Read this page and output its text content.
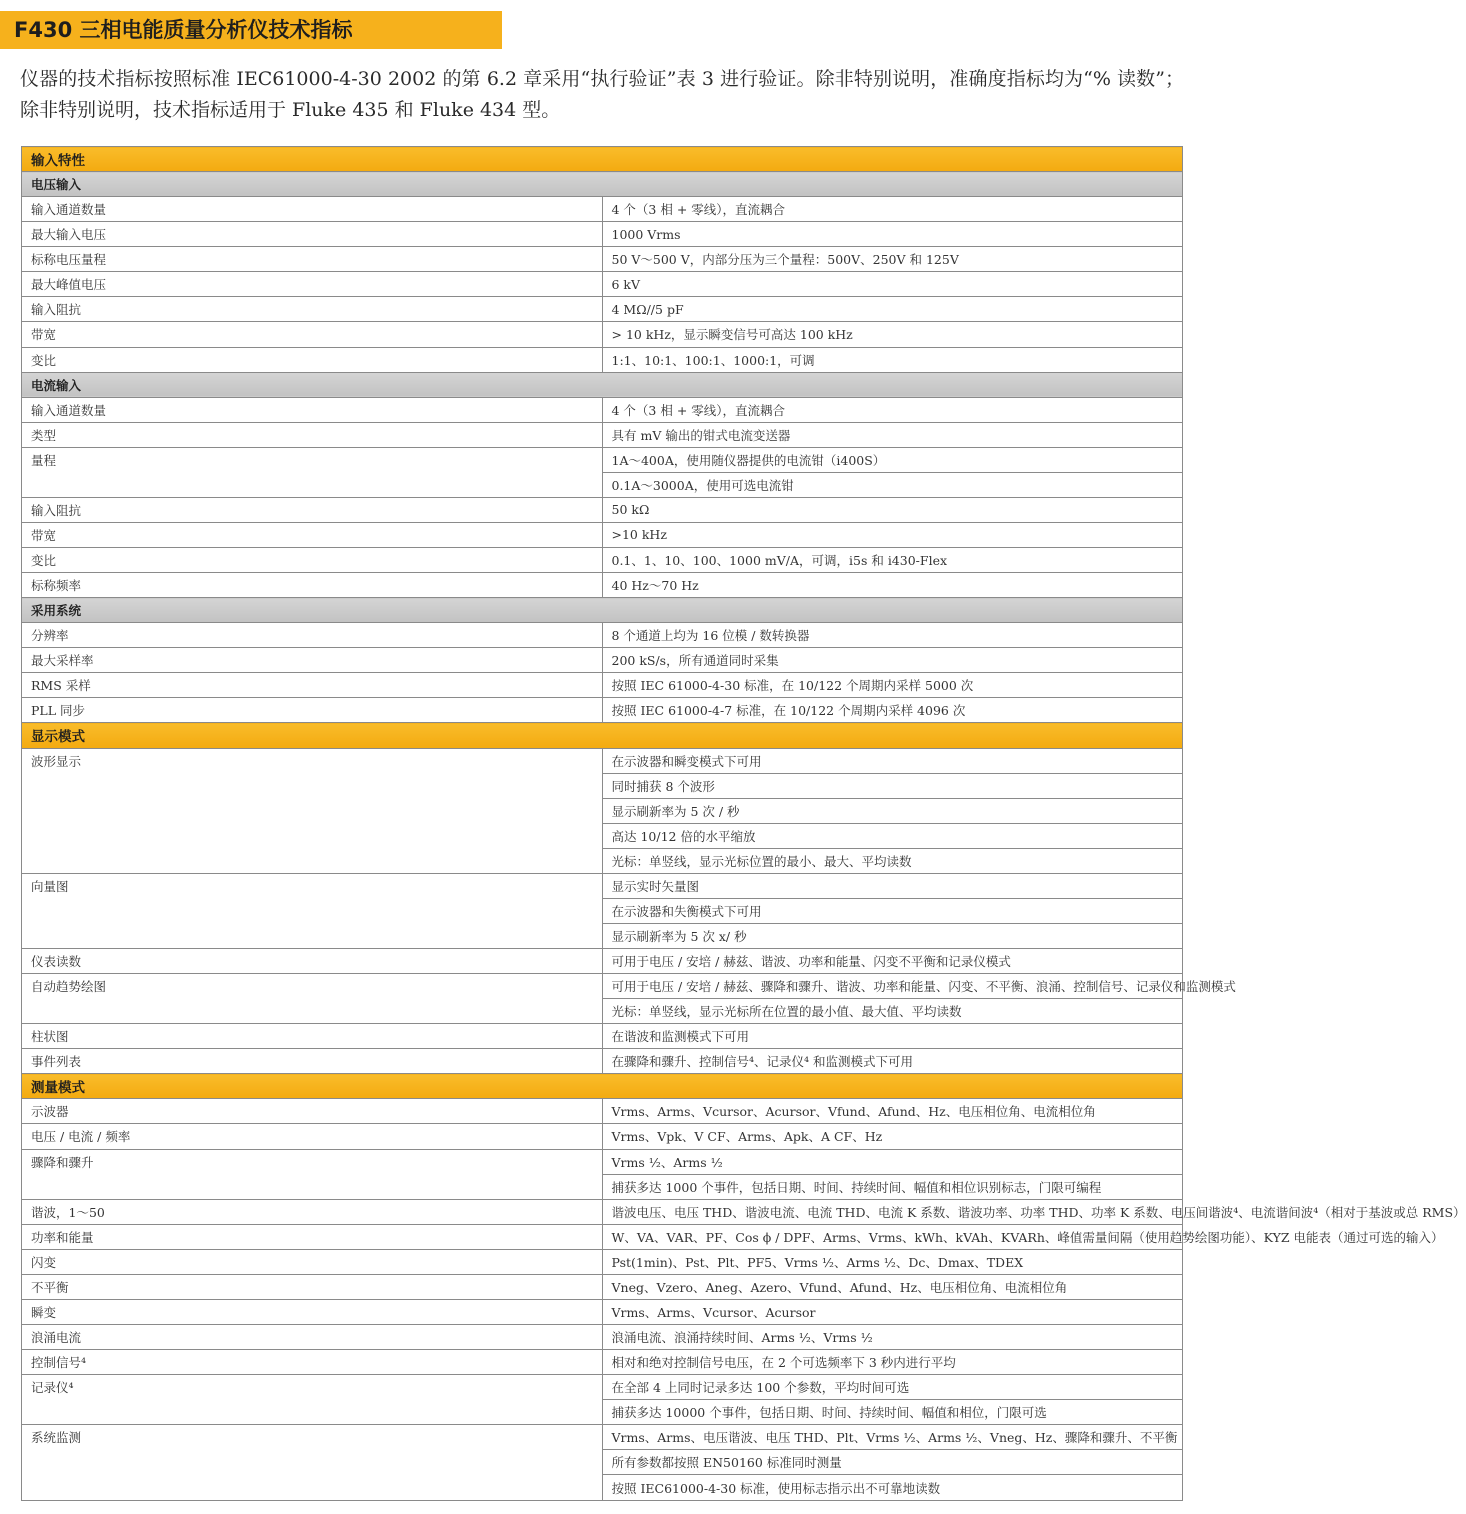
F430 三相电能质量分析仪技术指标
仪器的技术指标按照标准 IEC61000-4-30 2002 的第 6.2 章采用“执行验证”表 3 进行验证。除非特别说明，准确度指标均为“% 读数”；除非特别说明，技术指标适用于 Fluke 435 和 Fluke 434 型。
输入特性	
电压输入	
输入通道数量	4 个（3 相 + 零线），直流耦合
最大输入电压	1000 Vrms
标称电压量程	50 V～500 V，内部分压为三个量程：500V、250V 和 125V
最大峰值电压	6 kV
输入阻抗	4 MΩ//5 pF
带宽	> 10 kHz，显示瞬变信号可高达 100 kHz
变比	1:1、10:1、100:1、1000:1，可调
电流输入	
输入通道数量	4 个（3 相 + 零线），直流耦合
类型	具有 mV 输出的钳式电流变送器
量程	1A～400A，使用随仪器提供的电流钳（i400S）
	0.1A～3000A，使用可选电流钳
输入阻抗	50 kΩ
带宽	>10 kHz
变比	0.1、1、10、100、1000 mV/A，可调，i5s 和 i430-Flex
标称频率	40 Hz～70 Hz
采用系统	
分辨率	8 个通道上均为 16 位模 / 数转换器
最大采样率	200 kS/s，所有通道同时采集
RMS 采样	按照 IEC 61000-4-30 标准，在 10/122 个周期内采样 5000 次
PLL 同步	按照 IEC 61000-4-7 标准，在 10/122 个周期内采样 4096 次
显示模式	
波形显示	在示波器和瞬变模式下可用
	同时捕获 8 个波形
	显示刷新率为 5 次 / 秒
	高达 10/12 倍的水平缩放
	光标：单竖线，显示光标位置的最小、最大、平均读数
向量图	显示实时矢量图
	在示波器和失衡模式下可用
	显示刷新率为 5 次 x/ 秒
仪表读数	可用于电压 / 安培 / 赫兹、谐波、功率和能量、闪变不平衡和记录仪模式
自动趋势绘图	可用于电压 / 安培 / 赫兹、骤降和骤升、谐波、功率和能量、闪变、不平衡、浪涌、控制信号、记录仪和监测模式
	光标：单竖线，显示光标所在位置的最小值、最大值、平均读数
柱状图	在谐波和监测模式下可用
事件列表	在骤降和骤升、控制信号⁴、记录仪⁴ 和监测模式下可用
测量模式	
示波器	Vrms、Arms、Vcursor、Acursor、Vfund、Afund、Hz、电压相位角、电流相位角
电压 / 电流 / 频率	Vrms、Vpk、V CF、Arms、Apk、A CF、Hz
骤降和骤升	Vrms ½、Arms ½
	捕获多达 1000 个事件，包括日期、时间、持续时间、幅值和相位识别标志，门限可编程
谐波，1～50	谐波电压、电压 THD、谐波电流、电流 THD、电流 K 系数、谐波功率、功率 THD、功率 K 系数、电压间谐波⁴、电流谐间波⁴（相对于基波或总 RMS）
功率和能量	W、VA、VAR、PF、Cos ϕ / DPF、Arms、Vrms、kWh、kVAh、KVARh、峰值需量间隔（使用趋势绘图功能）、KYZ 电能表（通过可选的输入）
闪变	Pst(1min)、Pst、Plt、PF5、Vrms ½、Arms ½、Dc、Dmax、TDEX
不平衡	Vneg、Vzero、Aneg、Azero、Vfund、Afund、Hz、电压相位角、电流相位角
瞬变	Vrms、Arms、Vcursor、Acursor
浪涌电流	浪涌电流、浪涌持续时间、Arms ½、Vrms ½
控制信号⁴	相对和绝对控制信号电压，在 2 个可选频率下 3 秒内进行平均
记录仪⁴	在全部 4 上同时记录多达 100 个参数，平均时间可选
	捕获多达 10000 个事件，包括日期、时间、持续时间、幅值和相位，门限可选
系统监测	Vrms、Arms、电压谐波、电压 THD、Plt、Vrms ½、Arms ½、Vneg、Hz、骤降和骤升、不平衡
	所有参数都按照 EN50160 标准同时测量
	按照 IEC61000-4-30 标准，使用标志指示出不可靠地读数
